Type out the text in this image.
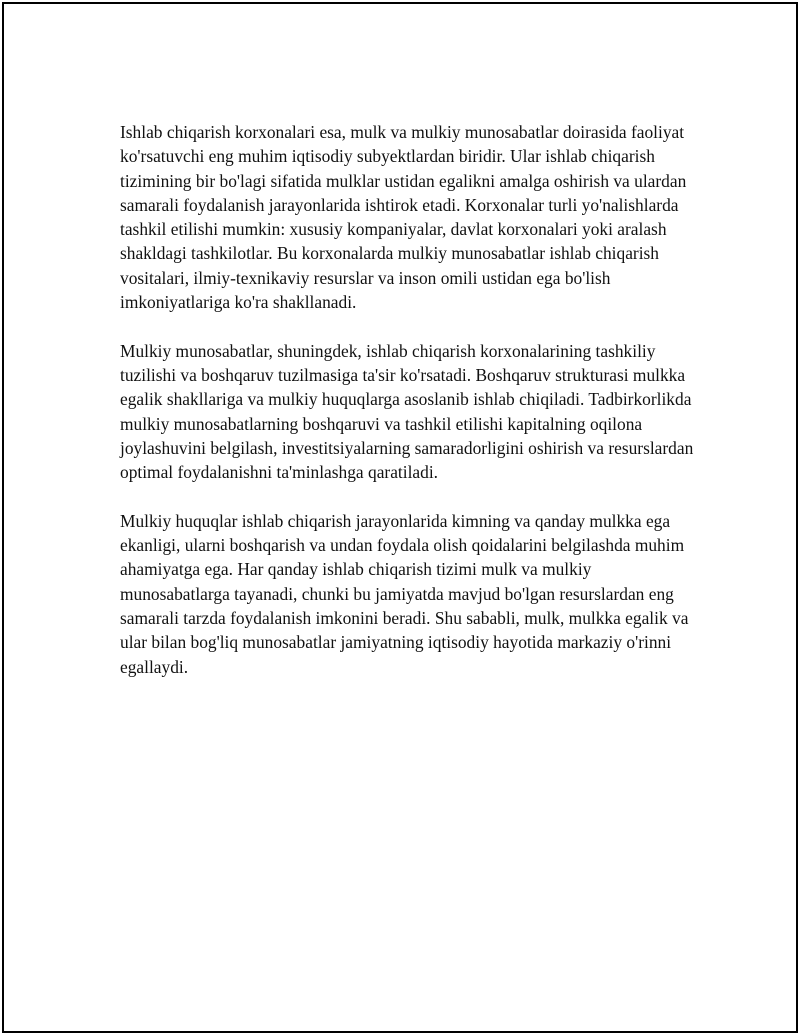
Ishlab chiqarish korxonalari esa, mulk va mulkiy munosabatlar doirasida faoliyat ko'rsatuvchi eng muhim iqtisodiy subyektlardan biridir. Ular ishlab chiqarish tizimining bir bo'lagi sifatida mulklar ustidan egalikni amalga oshirish va ulardan samarali foydalanish jarayonlarida ishtirok etadi. Korxonalar turli yo'nalishlarda tashkil etilishi mumkin: xususiy kompaniyalar, davlat korxonalari yoki aralash shakldagi tashkilotlar. Bu korxonalarda mulkiy munosabatlar ishlab chiqarish vositalari, ilmiy-texnikaviy resurslar va inson omili ustidan ega bo'lish imkoniyatlariga ko'ra shakllanadi.

Mulkiy munosabatlar, shuningdek, ishlab chiqarish korxonalarining tashkiliy tuzilishi va boshqaruv tuzilmasiga ta'sir ko'rsatadi. Boshqaruv strukturasi mulkka egalik shakllariga va mulkiy huquqlarga asoslanib ishlab chiqiladi. Tadbirkorlikda mulkiy munosabatlarning boshqaruvi va tashkil etilishi kapitalning oqilona joylashuvini belgilash, investitsiyalarning samaradorligini oshirish va resurslardan optimal foydalanishni ta'minlashga qaratiladi.

Mulkiy huquqlar ishlab chiqarish jarayonlarida kimning va qanday mulkka ega ekanligi, ularni boshqarish va undan foydala olish qoidalarini belgilashda muhim ahamiyatga ega. Har qanday ishlab chiqarish tizimi mulk va mulkiy munosabatlarga tayanadi, chunki bu jamiyatda mavjud bo'lgan resurslardan eng samarali tarzda foydalanish imkonini beradi. Shu sababli, mulk, mulkka egalik va ular bilan bog'liq munosabatlar jamiyatning iqtisodiy hayotida markaziy o'rinni egallaydi.
